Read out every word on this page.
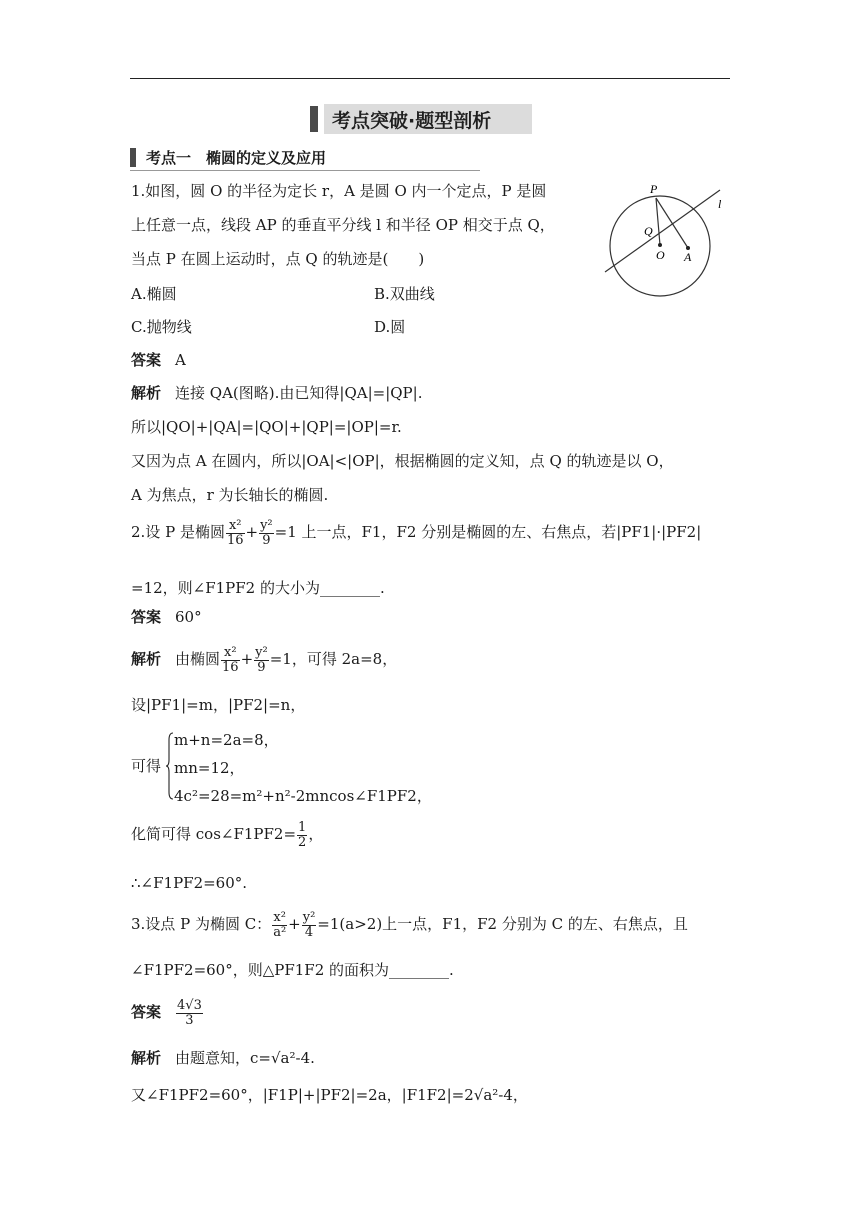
考点突破·题型剖析
考点一　椭圆的定义及应用
P
Q
O A
l
1.如图，圆 O 的半径为定长 r，A 是圆 O 内一个定点，P 是圆
上任意一点，线段 AP 的垂直平分线 l 和半径 OP 相交于点 Q，
当点 P 在圆上运动时，点 Q 的轨迹是(　　)
A.椭圆	B.双曲线
C.抛物线	D.圆
答案 A
解析 连接 QA(图略).由已知得|QA|=|QP|.
所以|QO|+|QA|=|QO|+|QP|=|OP|=r.
又因为点 A 在圆内，所以|OA|<|OP|，根据椭圆的定义知，点 Q 的轨迹是以 O，
A 为焦点，r 为长轴长的椭圆.
2.设 P 是椭圆 $\frac{\text{x²}}{16} + \frac{\text{y²}}{9} =1$ 上一点，F1，F2 分别是椭圆的左、右焦点，若|PF1|·|PF2|
=12，则∠F1PF2 的大小为________.
答案 60°
解析 由椭圆 $\frac{\text{x²}}{16} + \frac{\text{y²}}{9} =1$，可得 2a=8，
设|PF1|=m，|PF2|=n，
可得
m+n=2a=8，
mn=12，
4c²=28=m²+n²-2mncos∠F1PF2，
化简可得 cos∠F1PF2= $\frac{1}{2}$ ，
∴∠F1PF2=60°.
3.设点 P 为椭圆 C： $\frac{\text{x²}}{\text{a²}} + \frac{\text{y²}}{4} =1(a>2)$上一点，F1，F2 分别为 C 的左、右焦点，且
∠F1PF2=60°，则△PF1F2 的面积为________.
答案 $\frac{4√3}{3}$
解析 由题意知，c=√a²-4.
又∠F1PF2=60°，|F1P|+|PF2|=2a，|F1F2|=2√a²-4，
